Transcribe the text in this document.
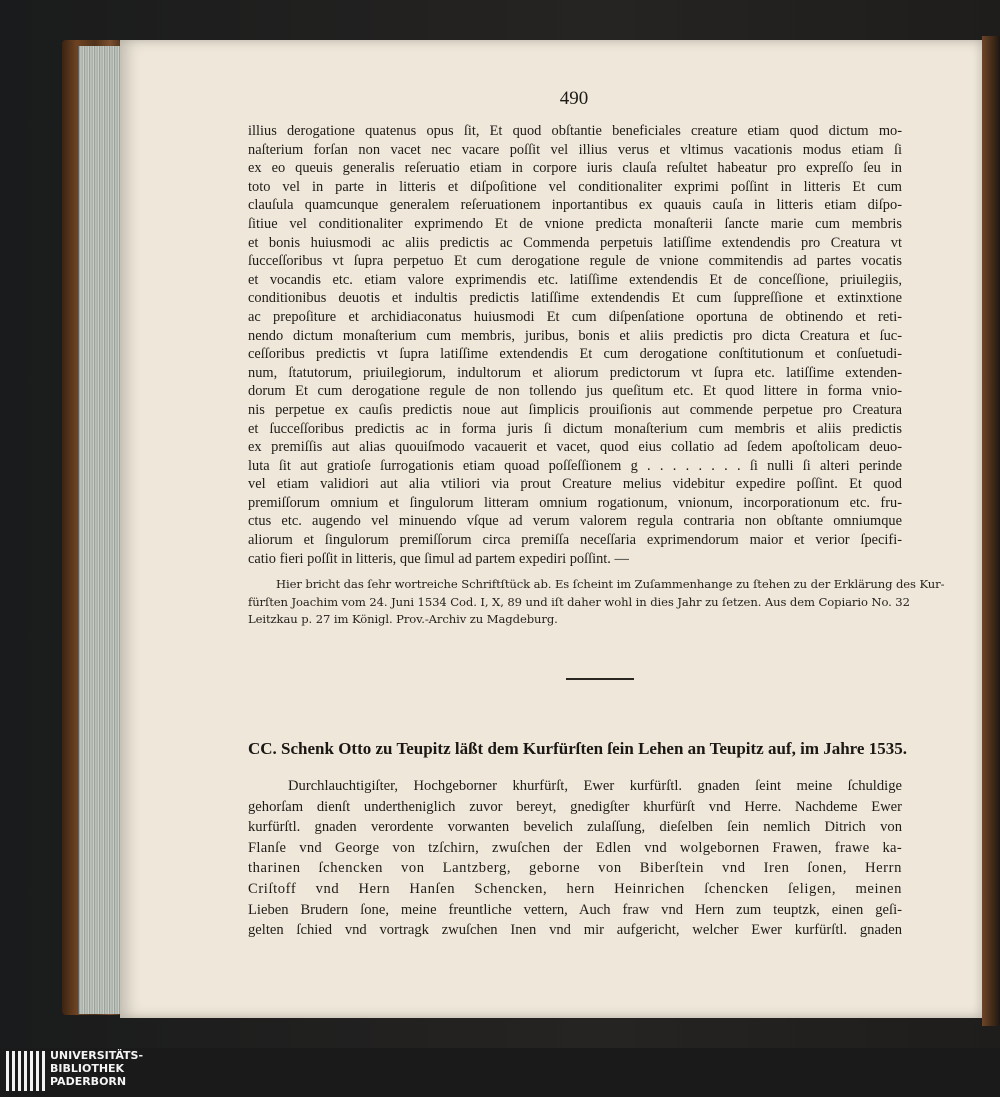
490
illius derogatione quatenus opus ſit, Et quod obſtantie beneficiales creature etiam quod dictum mo-
naſterium forſan non vacet nec vacare poſſit vel illius verus et vltimus vacationis modus etiam ſi
ex eo queuis generalis reſeruatio etiam in corpore iuris clauſa reſultet habeatur pro expreſſo ſeu in
toto vel in parte in litteris et diſpoſitione vel conditionaliter exprimi poſſint in litteris Et cum
clauſula quamcunque generalem reſeruationem inportantibus ex quauis cauſa in litteris etiam diſpo-
ſitiue vel conditionaliter exprimendo Et de vnione predicta monaſterii ſancte marie cum membris
et bonis huiusmodi ac aliis predictis ac Commenda perpetuis latiſſime extendendis pro Creatura vt
ſucceſſoribus vt ſupra perpetuo Et cum derogatione regule de vnione commitendis ad partes vocatis
et vocandis etc. etiam valore exprimendis etc. latiſſime extendendis Et de conceſſione, priuilegiis,
conditionibus deuotis et indultis predictis latiſſime extendendis Et cum ſuppreſſione et extinxtione
ac prepoſiture et archidiaconatus huiusmodi Et cum diſpenſatione oportuna de obtinendo et reti-
nendo dictum monaſterium cum membris, juribus, bonis et aliis predictis pro dicta Creatura et ſuc-
ceſſoribus predictis vt ſupra latiſſime extendendis Et cum derogatione conſtitutionum et conſuetudi-
num, ſtatutorum, priuilegiorum, indultorum et aliorum predictorum vt ſupra etc. latiſſime extenden-
dorum Et cum derogatione regule de non tollendo jus queſitum etc. Et quod littere in forma vnio-
nis perpetue ex cauſis predictis noue aut ſimplicis prouiſionis aut commende perpetue pro Creatura
et ſucceſſoribus predictis ac in forma juris ſi dictum monaſterium cum membris et aliis predictis
ex premiſſis aut alias quouiſmodo vacauerit et vacet, quod eius collatio ad ſedem apoſtolicam deuo-
luta ſit aut gratioſe ſurrogationis etiam quoad poſſeſſionem g . . . . . . . . ſi nulli ſi alteri perinde
vel etiam validiori aut alia vtiliori via prout Creature melius videbitur expedire poſſint. Et quod
premiſſorum omnium et ſingulorum litteram omnium rogationum, vnionum, incorporationum etc. fru-
ctus etc. augendo vel minuendo vſque ad verum valorem regula contraria non obſtante omniumque
aliorum et ſingulorum premiſſorum circa premiſſa neceſſaria exprimendorum maior et verior ſpecifi-
catio fieri poſſit in litteris, que ſimul ad partem expediri poſſint. —
Hier bricht das ſehr wortreiche Schriftſtück ab. Es ſcheint im Zuſammenhange zu ſtehen zu der Erklärung des Kur-
fürſten Joachim vom 24. Juni 1534 Cod. I, X, 89 und iſt daher wohl in dies Jahr zu ſetzen. Aus dem Copiario No. 32
Leitzkau p. 27 im Königl. Prov.-Archiv zu Magdeburg.
CC. Schenk Otto zu Teupitz läßt dem Kurfürſten ſein Lehen an Teupitz auf, im Jahre 1535.
Durchlauchtigiſter, Hochgeborner khurfürſt, Ewer kurfürſtl. gnaden ſeint meine ſchuldige
gehorſam dienſt undertheniglich zuvor bereyt, gnedigſter khurfürſt vnd Herre. Nachdeme Ewer
kurfürſtl. gnaden verordente vorwanten bevelich zulaſſung, dieſelben ſein nemlich Ditrich von
Flanſe vnd George von tzſchirn, zwuſchen der Edlen vnd wolgebornen Frawen, frawe ka-
tharinen ſchencken von Lantzberg, geborne von Biberſtein vnd Iren ſonen, Herrn
Criſtoff vnd Hern Hanſen Schencken, hern Heinrichen ſchencken ſeligen, meinen
Lieben Brudern ſone, meine freuntliche vettern, Auch fraw vnd Hern zum teuptzk, einen geſi-
gelten ſchied vnd vortragk zwuſchen Inen vnd mir aufgericht, welcher Ewer kurfürſtl. gnaden
UNIVERSITÄTS-
BIBLIOTHEK
PADERBORN
